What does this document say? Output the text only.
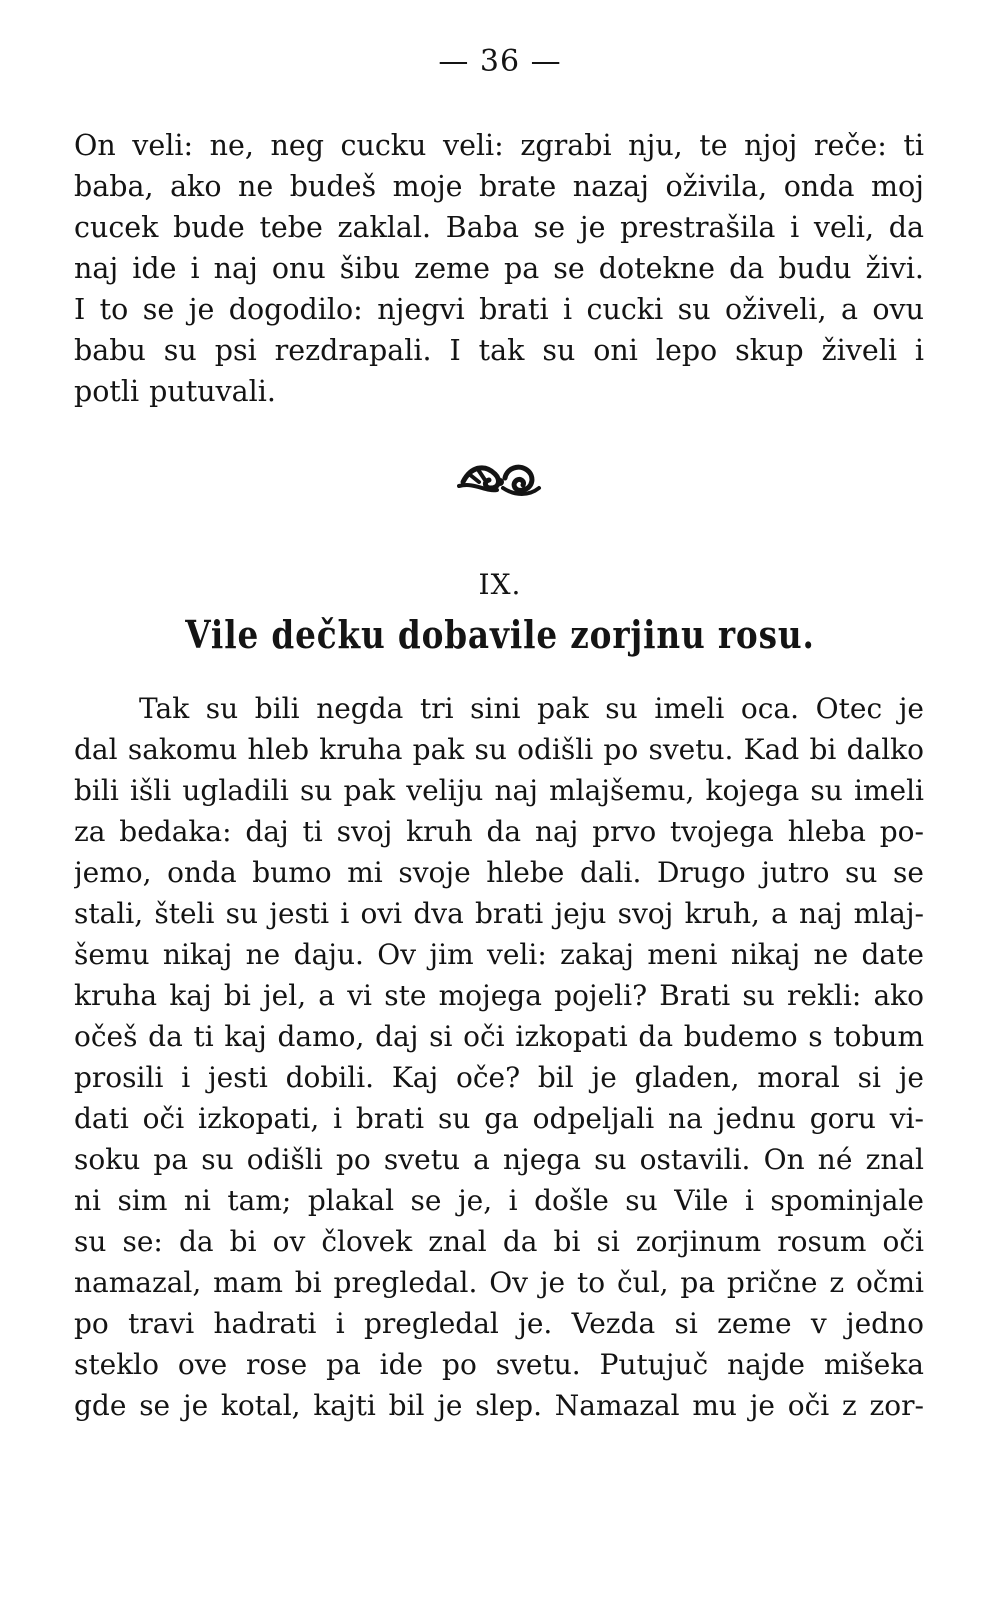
— 36 —
On veli: ne, neg cucku veli: zgrabi nju, te njoj reče: ti
baba, ako ne budeš moje brate nazaj oživila, onda moj
cucek bude tebe zaklal. Baba se je prestrašila i veli, da
naj ide i naj onu šibu zeme pa se dotekne da budu živi.
I to se je dogodilo: njegvi brati i cucki su oživeli, a ovu
babu su psi rezdrapali. I tak su oni lepo skup živeli i
potli putuvali.
IX.
Vile dečku dobavile zorjinu rosu.
Tak su bili negda tri sini pak su imeli oca. Otec je
dal sakomu hleb kruha pak su odišli po svetu. Kad bi dalko
bili išli ugladili su pak veliju naj mlajšemu, kojega su imeli
za bedaka: daj ti svoj kruh da naj prvo tvojega hleba po-
jemo, onda bumo mi svoje hlebe dali. Drugo jutro su se
stali, šteli su jesti i ovi dva brati jeju svoj kruh, a naj mlaj-
šemu nikaj ne daju. Ov jim veli: zakaj meni nikaj ne date
kruha kaj bi jel, a vi ste mojega pojeli? Brati su rekli: ako
očeš da ti kaj damo, daj si oči izkopati da budemo s tobum
prosili i jesti dobili. Kaj oče? bil je gladen, moral si je
dati oči izkopati, i brati su ga odpeljali na jednu goru vi-
soku pa su odišli po svetu a njega su ostavili. On né znal
ni sim ni tam; plakal se je, i došle su Vile i spominjale
su se: da bi ov človek znal da bi si zorjinum rosum oči
namazal, mam bi pregledal. Ov je to čul, pa prične z očmi
po travi hadrati i pregledal je. Vezda si zeme v jedno
steklo ove rose pa ide po svetu. Putujuč najde mišeka
gde se je kotal, kajti bil je slep. Namazal mu je oči z zor-
